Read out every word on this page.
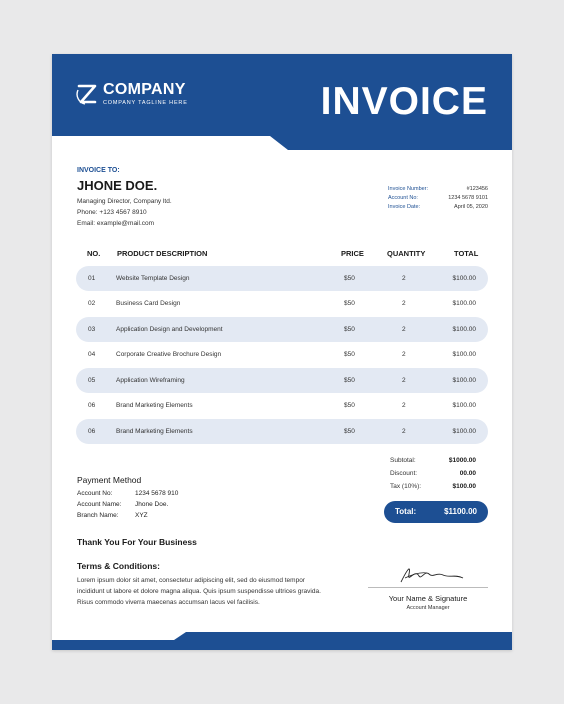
COMPANY
COMPANY TAGLINE HERE	INVOICE
INVOICE TO:
JHONE DOE.
Managing Director, Company ltd.
Phone: +123 4567 8910
Email: example@mail.com
Invoice Number:	#123456
Account No:	1234 5678 9101
Invoice Date:	April 05, 2020
NO. PRODUCT DESCRIPTION	PRICE	QUANTITY	TOTAL
01	Website Template Design	$50	2	$100.00
02	Business Card Design	$50	2	$100.00
03	Application Design and Development	$50	2	$100.00
04	Corporate Creative Brochure Design	$50	2	$100.00
05	Application Wireframing	$50	2	$100.00
06	Brand Marketing Elements	$50	2	$100.00
06	Brand Marketing Elements	$50	2	$100.00
Subtotal:	$1000.00
Discount:	00.00
Tax (10%):	$100.00
Total:	$1100.00
Payment Method
Account No:	1234 5678 910
Account Name: Jhone Doe.
Branch Name:	XYZ
Thank You For Your Business
Terms & Conditions:
Lorem ipsum dolor sit amet, consectetur adipiscing elit, sed do eiusmod tempor incididunt ut labore et dolore magna aliqua. Quis ipsum suspendisse ultrices gravida. Risus commodo viverra maecenas accumsan lacus vel facilisis.	Your Name & Signature
Account Manager
